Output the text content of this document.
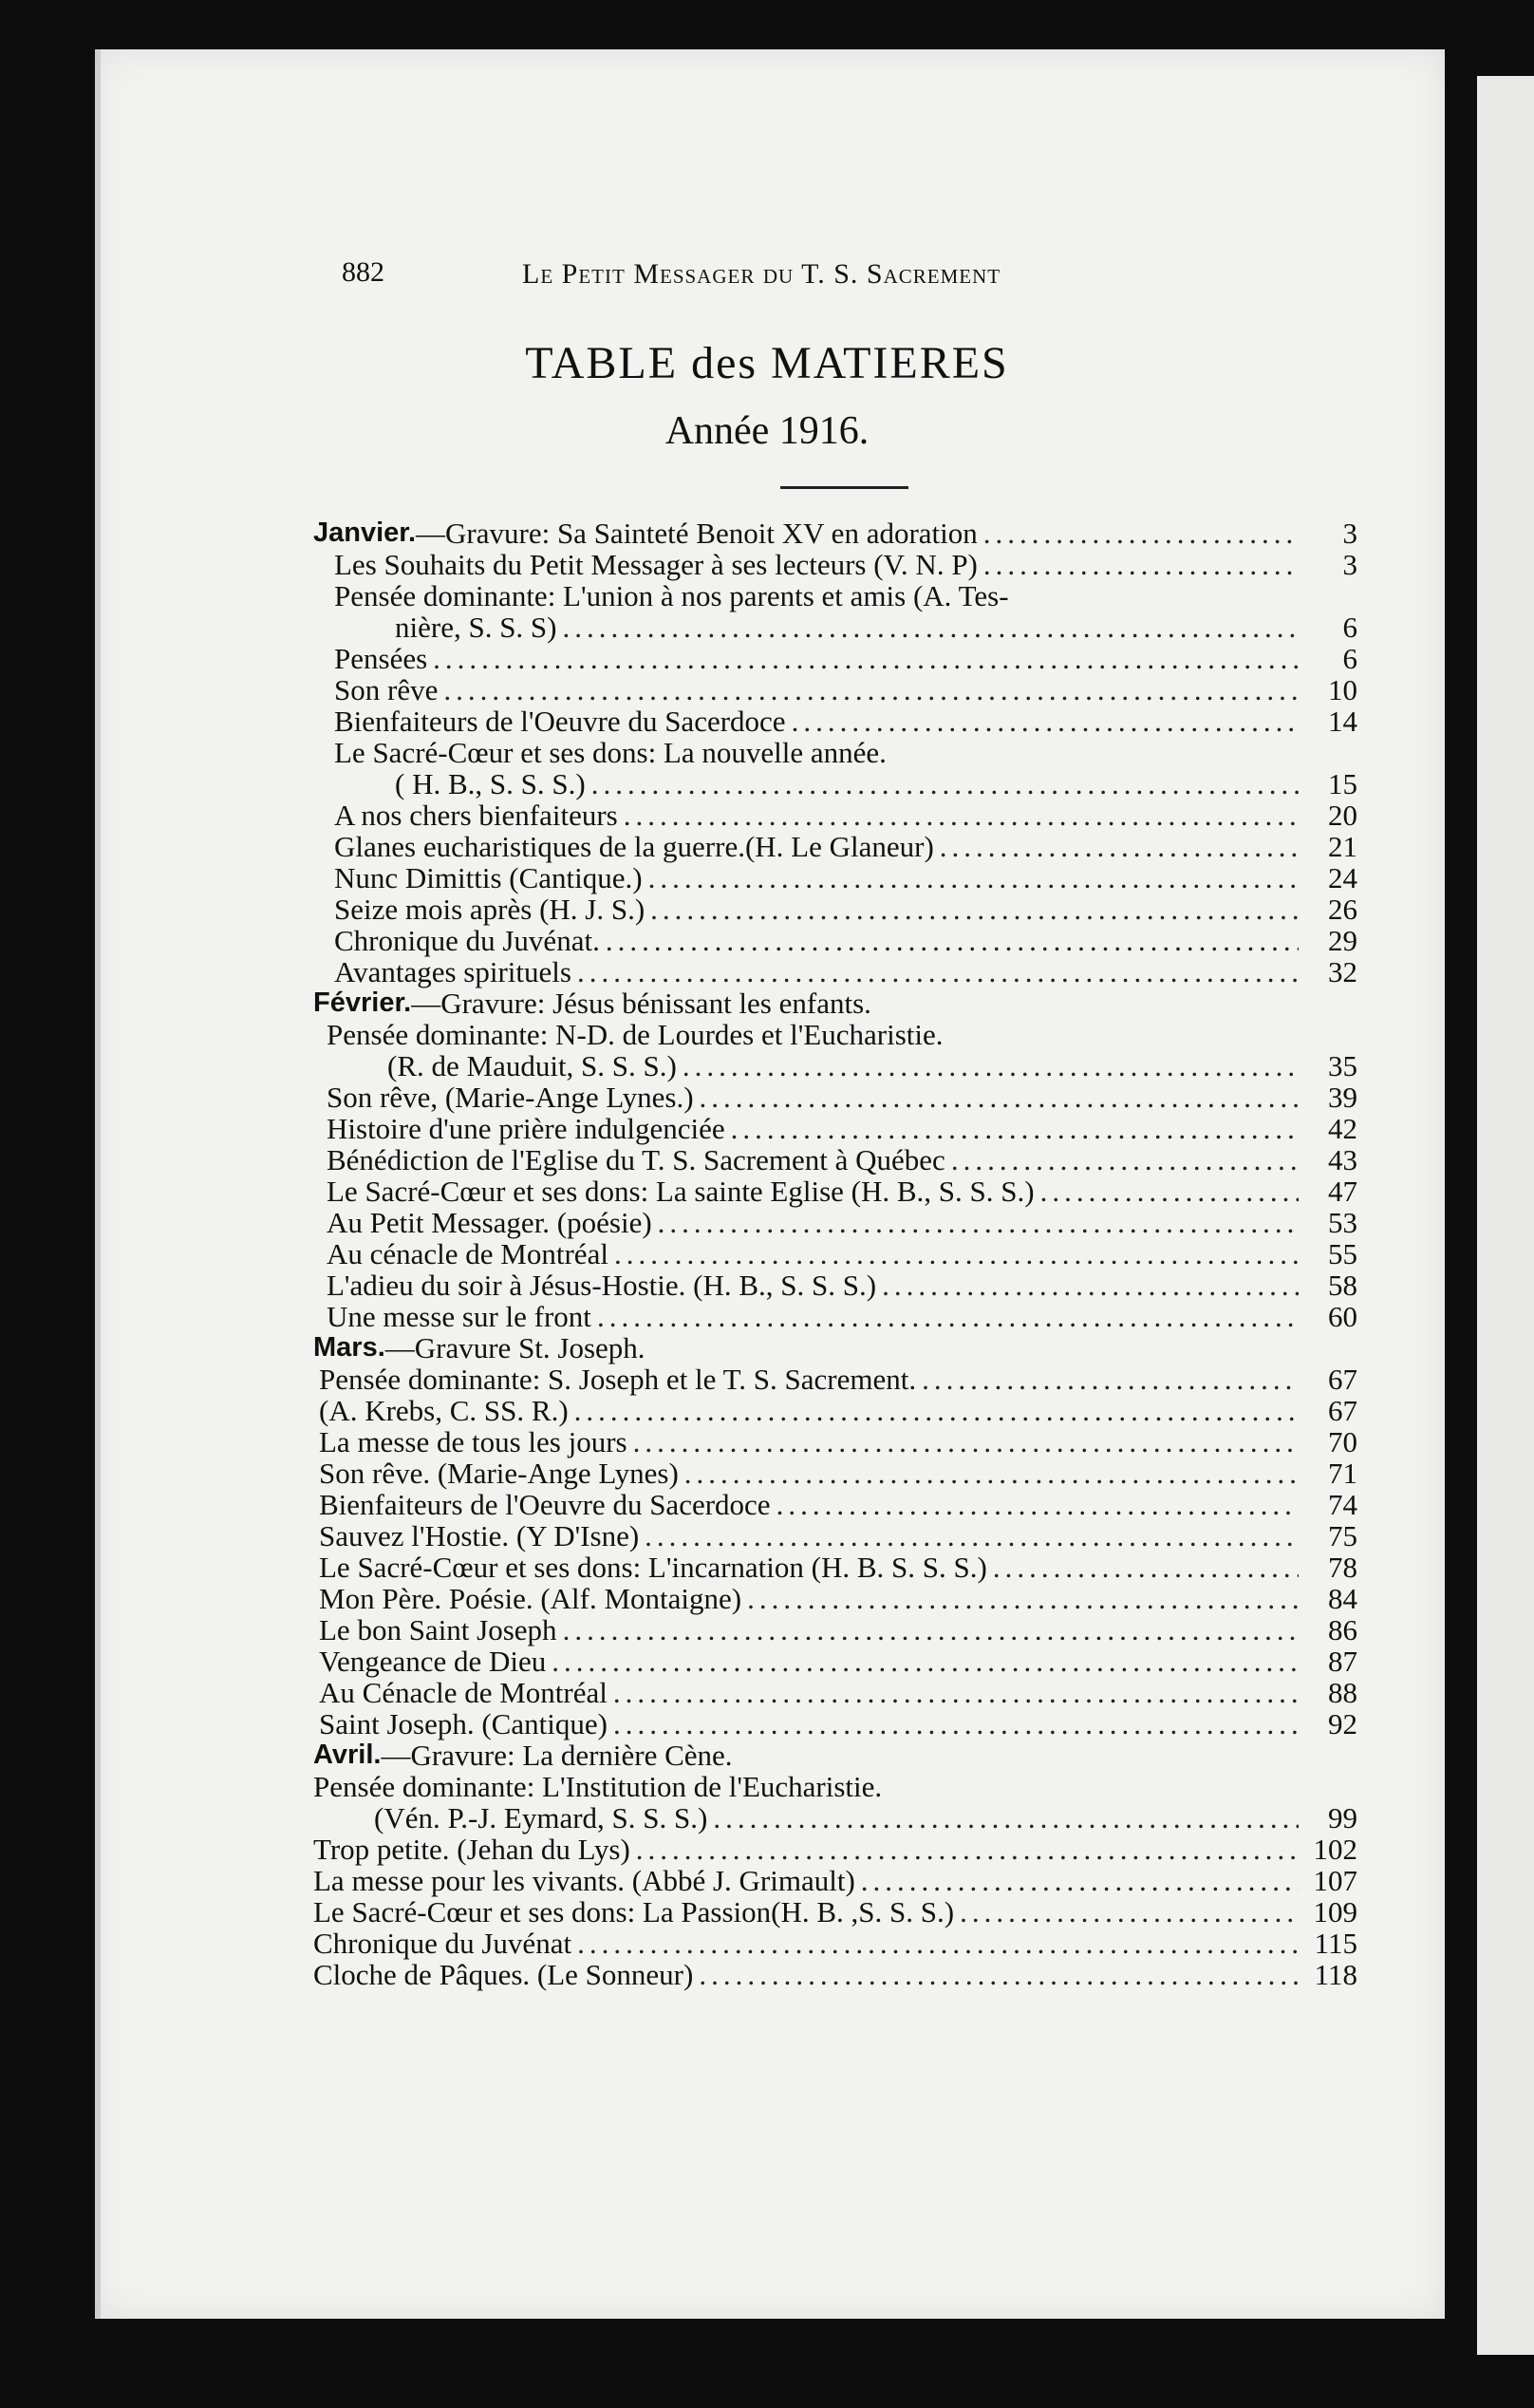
882	Le Petit Messager du T. S. Sacrement
TABLE des MATIERES
Année 1916.
Janvier. —Gravure: Sa Sainteté Benoit XV en adoration .....	3
Les Souhaits du Petit Messager à ses lecteurs (V. N. P) .....	3
Pensée dominante: L'union à nos parents et amis (A. Tes-
nière, S. S. S) .....	6
Pensées .....	6
Son rêve .....	10
Bienfaiteurs de l'Oeuvre du Sacerdoce .....	14
Le Sacré-Cœur et ses dons: La nouvelle année.
( H. B., S. S. S.) .....	15
A nos chers bienfaiteurs .....	20
Glanes eucharistiques de la guerre.(H. Le Glaneur) .....	21
Nunc Dimittis (Cantique.) .....	24
Seize mois après (H. J. S.) .....	26
Chronique du Juvénat. .....	29
Avantages spirituels .....	32
Février. —Gravure: Jésus bénissant les enfants.
Pensée dominante: N-D. de Lourdes et l'Eucharistie.
(R. de Mauduit, S. S. S.) .....	35
Son rêve, (Marie-Ange Lynes.) .....	39
Histoire d'une prière indulgenciée .....	42
Bénédiction de l'Eglise du T. S. Sacrement à Québec .....	43
Le Sacré-Cœur et ses dons: La sainte Eglise (H. B., S. S. S.) .....	47
Au Petit Messager. (poésie) .....	53
Au cénacle de Montréal .....	55
L'adieu du soir à Jésus-Hostie. (H. B., S. S. S.) .....	58
Une messe sur le front .....	60
Mars. —Gravure St. Joseph.
Pensée dominante: S. Joseph et le T. S. Sacrement. .....	67
(A. Krebs, C. SS. R.) .....	67
La messe de tous les jours .....	70
Son rêve. (Marie-Ange Lynes) .....	71
Bienfaiteurs de l'Oeuvre du Sacerdoce .....	74
Sauvez l'Hostie. (Y D'Isne) .....	75
Le Sacré-Cœur et ses dons: L'incarnation (H. B. S. S. S.) .....	78
Mon Père. Poésie. (Alf. Montaigne) .....	84
Le bon Saint Joseph .....	86
Vengeance de Dieu .....	87
Au Cénacle de Montréal .....	88
Saint Joseph. (Cantique) .....	92
Avril. —Gravure: La dernière Cène.
Pensée dominante: L'Institution de l'Eucharistie.
(Vén. P.-J. Eymard, S. S. S.) .....	99
Trop petite. (Jehan du Lys) .....	102
La messe pour les vivants. (Abbé J. Grimault) .....	107
Le Sacré-Cœur et ses dons: La Passion(H. B. ,S. S. S.) .....	109
Chronique du Juvénat .....	115
Cloche de Pâques. (Le Sonneur) .....	118
